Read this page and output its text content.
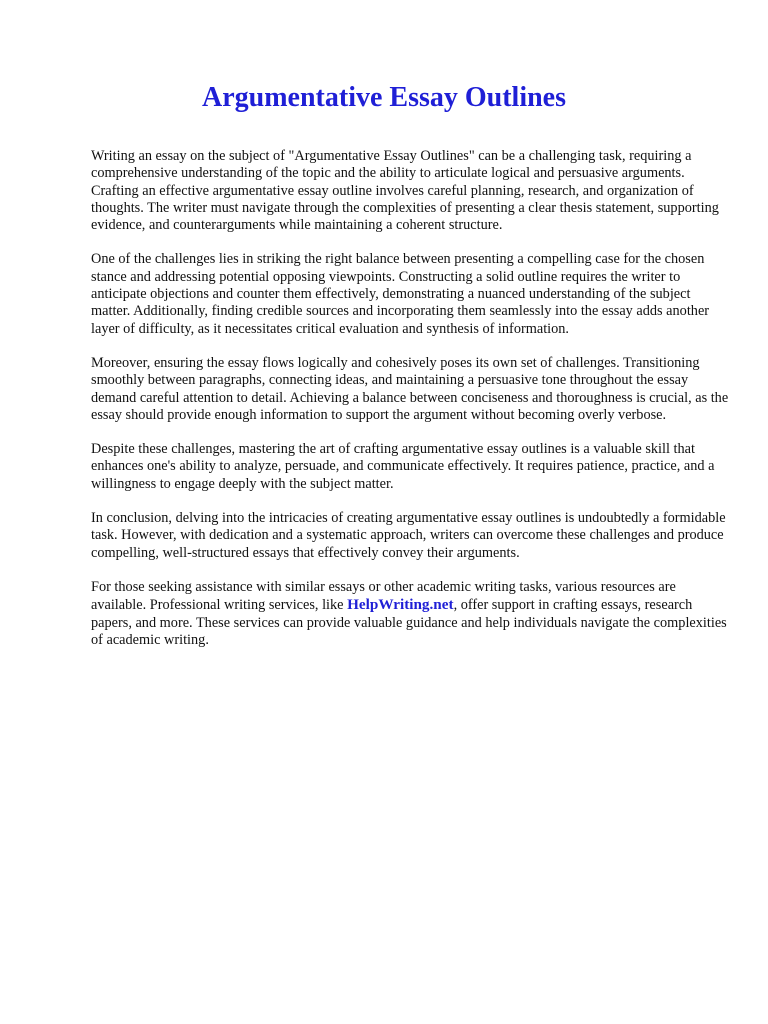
Argumentative Essay Outlines

Writing an essay on the subject of "Argumentative Essay Outlines" can be a challenging task, requiring a comprehensive understanding of the topic and the ability to articulate logical and persuasive arguments. Crafting an effective argumentative essay outline involves careful planning, research, and organization of thoughts. The writer must navigate through the complexities of presenting a clear thesis statement, supporting evidence, and counterarguments while maintaining a coherent structure.

One of the challenges lies in striking the right balance between presenting a compelling case for the chosen stance and addressing potential opposing viewpoints. Constructing a solid outline requires the writer to anticipate objections and counter them effectively, demonstrating a nuanced understanding of the subject matter. Additionally, finding credible sources and incorporating them seamlessly into the essay adds another layer of difficulty, as it necessitates critical evaluation and synthesis of information.

Moreover, ensuring the essay flows logically and cohesively poses its own set of challenges. Transitioning smoothly between paragraphs, connecting ideas, and maintaining a persuasive tone throughout the essay demand careful attention to detail. Achieving a balance between conciseness and thoroughness is crucial, as the essay should provide enough information to support the argument without becoming overly verbose.

Despite these challenges, mastering the art of crafting argumentative essay outlines is a valuable skill that enhances one's ability to analyze, persuade, and communicate effectively. It requires patience, practice, and a willingness to engage deeply with the subject matter.

In conclusion, delving into the intricacies of creating argumentative essay outlines is undoubtedly a formidable task. However, with dedication and a systematic approach, writers can overcome these challenges and produce compelling, well-structured essays that effectively convey their arguments.

For those seeking assistance with similar essays or other academic writing tasks, various resources are available. Professional writing services, like HelpWriting.net, offer support in crafting essays, research papers, and more. These services can provide valuable guidance and help individuals navigate the complexities of academic writing.
